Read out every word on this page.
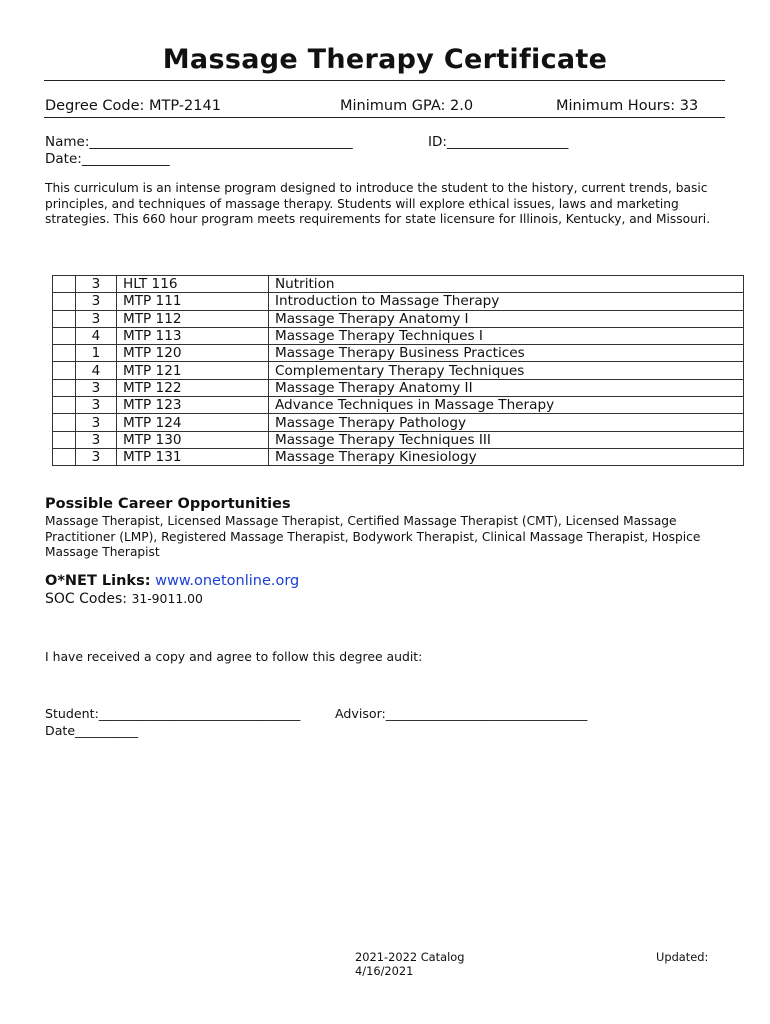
Massage Therapy Certificate
Degree Code: MTP-2141	Minimum GPA: 2.0	Minimum Hours: 33
Name:_______________________________________	ID:__________________
Date:_____________
This curriculum is an intense program designed to introduce the student to the history, current trends, basic principles, and techniques of massage therapy. Students will explore ethical issues, laws and marketing strategies. This 660 hour program meets requirements for state licensure for Illinois, Kentucky, and Missouri.
	3	HLT 116	Nutrition
	3	MTP 111	Introduction to Massage Therapy
	3	MTP 112	Massage Therapy Anatomy I
	4	MTP 113	Massage Therapy Techniques I
	1	MTP 120	Massage Therapy Business Practices
	4	MTP 121	Complementary Therapy Techniques
	3	MTP 122	Massage Therapy Anatomy II
	3	MTP 123	Advance Techniques in Massage Therapy
	3	MTP 124	Massage Therapy Pathology
	3	MTP 130	Massage Therapy Techniques III
	3	MTP 131	Massage Therapy Kinesiology
Possible Career Opportunities
Massage Therapist, Licensed Massage Therapist, Certified Massage Therapist (CMT), Licensed Massage Practitioner (LMP), Registered Massage Therapist, Bodywork Therapist, Clinical Massage Therapist, Hospice Massage Therapist
O*NET Links: www.onetonline.org
SOC Codes: 31-9011.00
I have received a copy and agree to follow this degree audit:
Student:________________________________	Advisor:________________________________
Date__________
2021-2022 Catalog
4/16/2021
Updated:
